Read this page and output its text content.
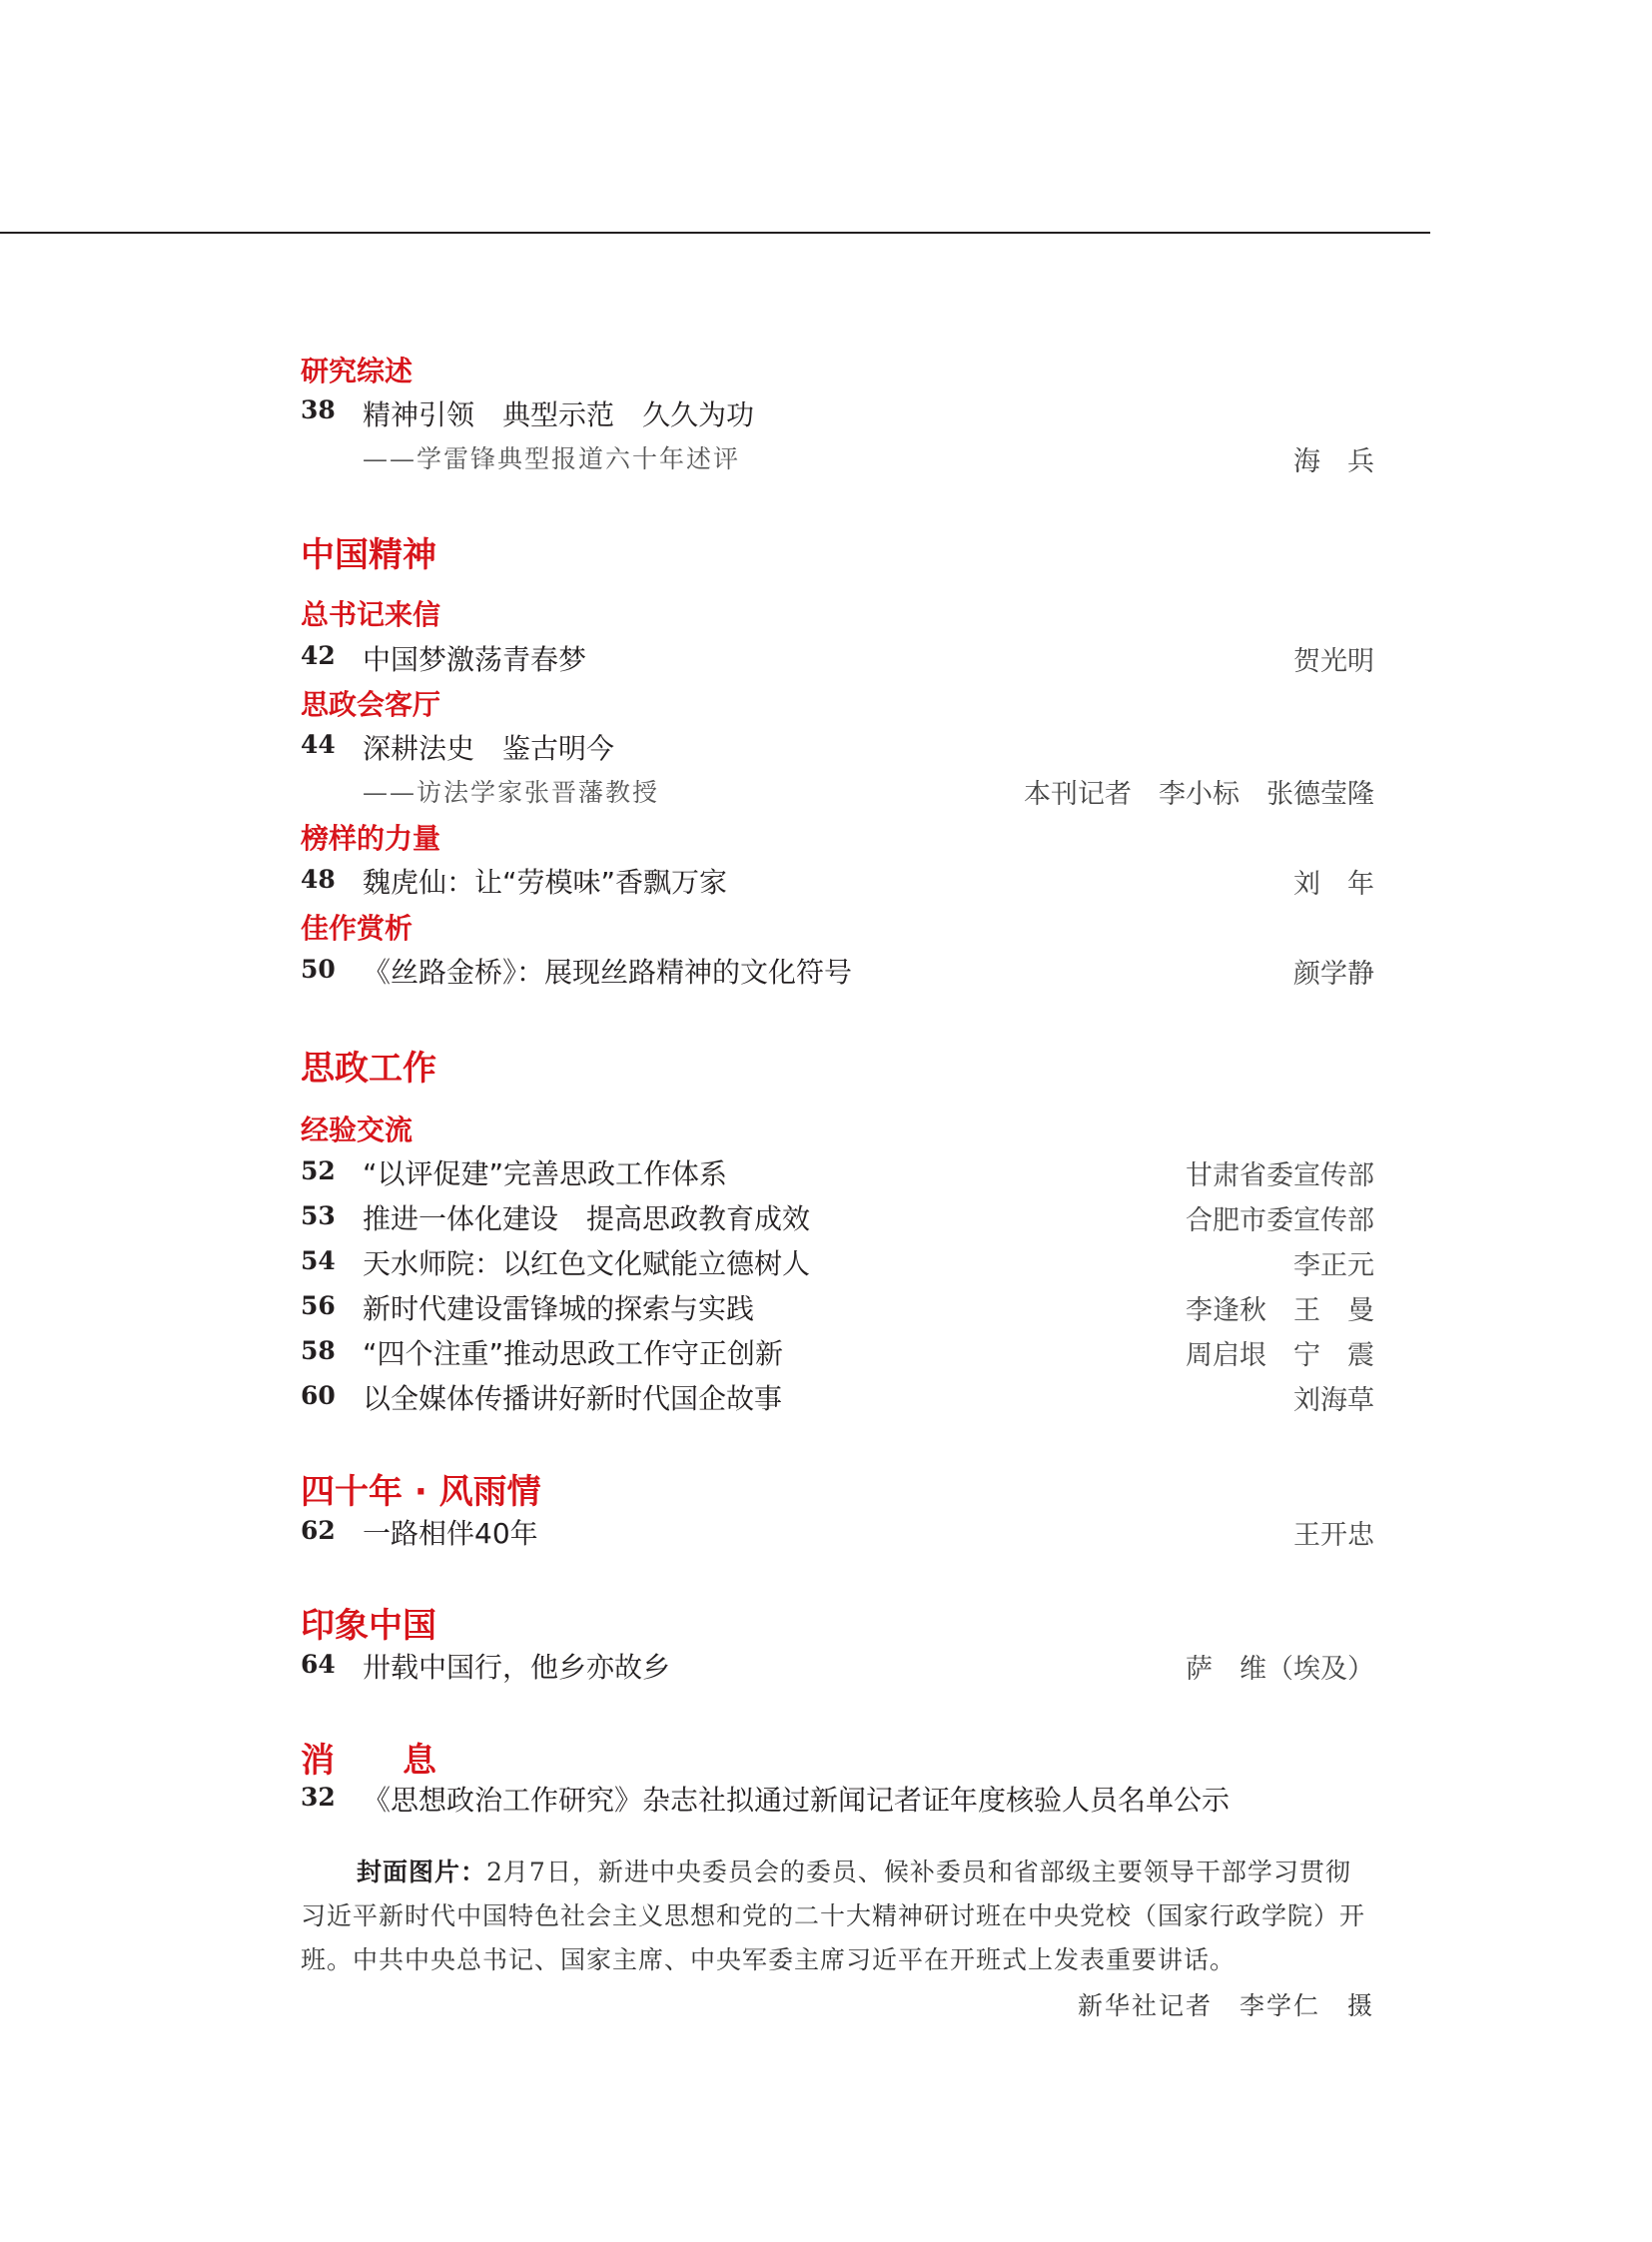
研究综述
38 精神引领　典型示范　久久为功
——学雷锋典型报道六十年述评	海　兵
中国精神
总书记来信
42 中国梦激荡青春梦	贺光明
思政会客厅
44 深耕法史　鉴古明今
——访法学家张晋藩教授	本刊记者　李小标　张德莹隆
榜样的力量
48 魏虎仙：让“劳模味”香飘万家	刘　年
佳作赏析
50 《丝路金桥》：展现丝路精神的文化符号	颜学静
思政工作
经验交流
52 “以评促建”完善思政工作体系	甘肃省委宣传部
53 推进一体化建设　提高思政教育成效	合肥市委宣传部
54 天水师院：以红色文化赋能立德树人	李正元
56 新时代建设雷锋城的探索与实践	李逢秋　王　曼
58 “四个注重”推动思政工作守正创新	周启垠　宁　震
60 以全媒体传播讲好新时代国企故事	刘海草
四十年 · 风雨情
62 一路相伴40年	王开忠
印象中国
64 卅载中国行，他乡亦故乡	萨　维（埃及）
消　　息
32 《思想政治工作研究》杂志社拟通过新闻记者证年度核验人员名单公示
封面图片：2月7日，新进中央委员会的委员、候补委员和省部级主要领导干部学习贯彻习近平新时代中国特色社会主义思想和党的二十大精神研讨班在中央党校（国家行政学院）开班。中共中央总书记、国家主席、中央军委主席习近平在开班式上发表重要讲话。
新华社记者　李学仁　摄
